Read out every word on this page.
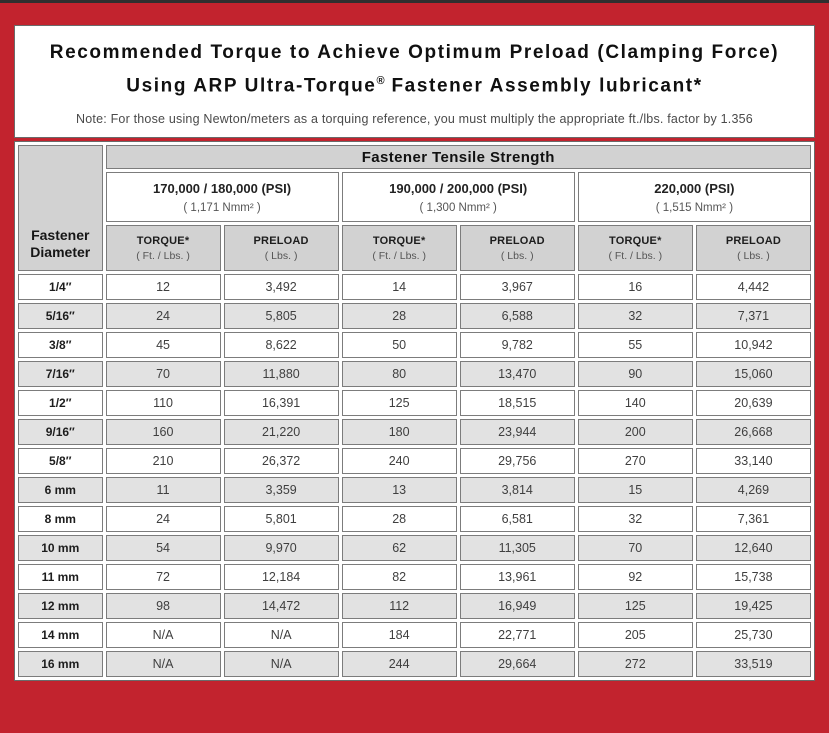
Recommended Torque to Achieve Optimum Preload (Clamping Force)
Using ARP Ultra-Torque® Fastener Assembly lubricant*
Note: For those using Newton/meters as a torquing reference, you must multiply the appropriate ft./lbs. factor by 1.356
Fastener Diameter	Fastener Tensile Strength					

170,000 / 180,000 (PSI)
( 1,171 Nmm² )

190,000 / 200,000 (PSI)
( 1,300 Nmm² )

220,000 (PSI)
( 1,515 Nmm² )

TORQUE*
( Ft. / Lbs. )

PRELOAD
( Lbs. )

TORQUE*
( Ft. / Lbs. )

PRELOAD
( Lbs. )

TORQUE*
( Ft. / Lbs. )

PRELOAD
( Lbs. )

1/4″	12	3,492	14	3,967	16	4,442
5/16″	24	5,805	28	6,588	32	7,371
3/8″	45	8,622	50	9,782	55	10,942
7/16″	70	11,880	80	13,470	90	15,060
1/2″	110	16,391	125	18,515	140	20,639
9/16″	160	21,220	180	23,944	200	26,668
5/8″	210	26,372	240	29,756	270	33,140
6 mm	11	3,359	13	3,814	15	4,269
8 mm	24	5,801	28	6,581	32	7,361
10 mm	54	9,970	62	11,305	70	12,640
11 mm	72	12,184	82	13,961	92	15,738
12 mm	98	14,472	112	16,949	125	19,425
14 mm	N/A	N/A	184	22,771	205	25,730
16 mm	N/A	N/A	244	29,664	272	33,519
